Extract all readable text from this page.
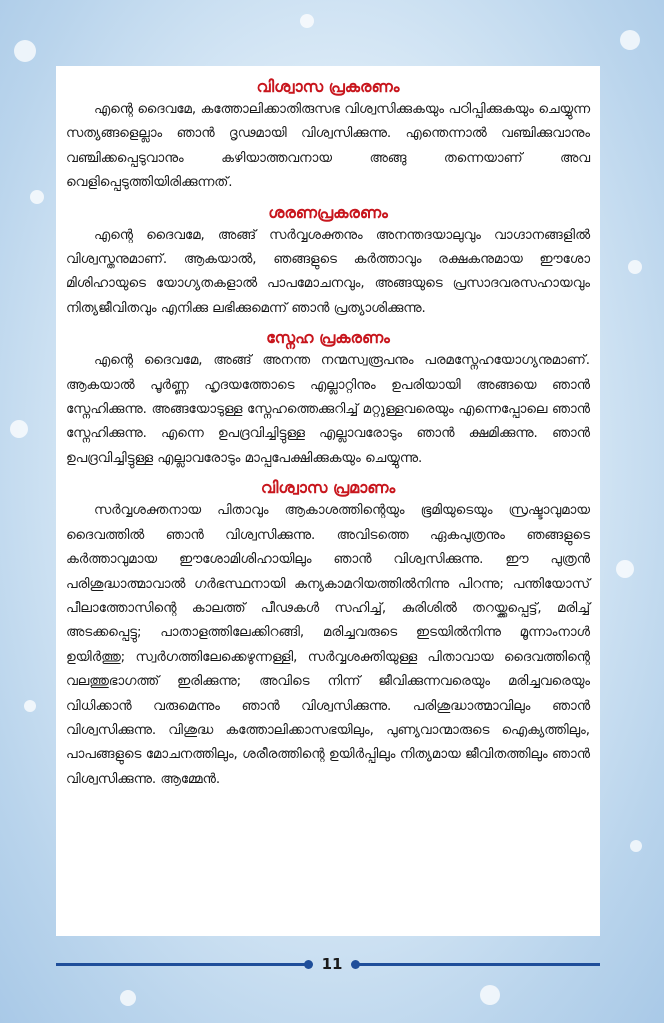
വിശ്വാസ പ്രകരണം

എന്റെ ദൈവമേ, കത്തോലിക്കാതിരുസഭ വിശ്വസിക്കുകയും പഠിപ്പിക്കുകയും ചെയ്യുന്ന സത്യങ്ങളെല്ലാം ഞാൻ ദൃഢമായി വിശ്വസിക്കുന്നു. എന്തെന്നാൽ വഞ്ചിക്കുവാനും വഞ്ചിക്കപ്പെടുവാനും കഴിയാത്തവനായ അങ്ങു തന്നെയാണ് അവ വെളിപ്പെടുത്തിയിരിക്കുന്നത്.

ശരണപ്രകരണം

എന്റെ ദൈവമേ, അങ്ങ് സർവ്വശക്തനും അനന്തദയാലുവും വാഗ്ദാനങ്ങളിൽ വിശ്വസ്തനുമാണ്. ആകയാൽ, ഞങ്ങളുടെ കർത്താവും രക്ഷകനുമായ ഈശോ മിശിഹായുടെ യോഗ്യതകളാൽ പാപമോചനവും, അങ്ങയുടെ പ്രസാദവരസഹായവും നിത്യജീവിതവും എനിക്കു ലഭിക്കുമെന്ന് ഞാൻ പ്രത്യാശിക്കുന്നു.

സ്നേഹ പ്രകരണം

എന്റെ ദൈവമേ, അങ്ങ് അനന്ത നന്മസ്വരൂപനും പരമസ്നേഹയോഗ്യനുമാണ്. ആകയാൽ പൂർണ്ണ ഹൃദയത്തോടെ എല്ലാറ്റിനും ഉപരിയായി അങ്ങയെ ഞാൻ സ്നേഹിക്കുന്നു. അങ്ങയോടുള്ള സ്നേഹത്തെക്കുറിച്ച് മറ്റുള്ളവരെയും എന്നെപ്പോലെ ഞാൻ സ്നേഹിക്കുന്നു. എന്നെ ഉപദ്രവിച്ചിട്ടുള്ള എല്ലാവരോടും ഞാൻ ക്ഷമിക്കുന്നു. ഞാൻ ഉപദ്രവിച്ചിട്ടുള്ള എല്ലാവരോടും മാപ്പപേക്ഷിക്കുകയും ചെയ്യുന്നു.

വിശ്വാസ പ്രമാണം

സർവ്വശക്തനായ പിതാവും ആകാശത്തിന്റെയും ഭൂമിയുടെയും സ്രഷ്ടാവുമായ ദൈവത്തിൽ ഞാൻ വിശ്വസിക്കുന്നു. അവിടത്തെ ഏകപുത്രനും ഞങ്ങളുടെ കർത്താവുമായ ഈശോമിശിഹായിലും ഞാൻ വിശ്വസിക്കുന്നു. ഈ പുത്രൻ പരിശുദ്ധാത്മാവാൽ ഗർഭസ്ഥനായി കന്യകാമറിയത്തിൽനിന്നു പിറന്നു; പന്തിയോസ് പീലാത്തോസിന്റെ കാലത്ത് പീഢകൾ സഹിച്ച്, കുരിശിൽ തറയ്ക്കപ്പെട്ട്, മരിച്ച് അടക്കപ്പെട്ടു; പാതാളത്തിലേക്കിറങ്ങി, മരിച്ചവരുടെ ഇടയിൽനിന്നു മൂന്നാംനാൾ ഉയിർത്തു; സ്വർഗത്തിലേക്കെഴുന്നള്ളി, സർവ്വശക്തിയുള്ള പിതാവായ ദൈവത്തിന്റെ വലത്തുഭാഗത്ത് ഇരിക്കുന്നു; അവിടെ നിന്ന് ജീവിക്കുന്നവരെയും മരിച്ചവരെയും വിധിക്കാൻ വരുമെന്നും ഞാൻ വിശ്വസിക്കുന്നു. പരിശുദ്ധാത്മാവിലും ഞാൻ വിശ്വസിക്കുന്നു. വിശുദ്ധ കത്തോലിക്കാസഭയിലും, പുണ്യവാന്മാരുടെ ഐക്യത്തിലും, പാപങ്ങളുടെ മോചനത്തിലും, ശരീരത്തിന്റെ ഉയിർപ്പിലും നിത്യമായ ജീവിതത്തിലും ഞാൻ വിശ്വസിക്കുന്നു. ആമ്മേൻ.

11
